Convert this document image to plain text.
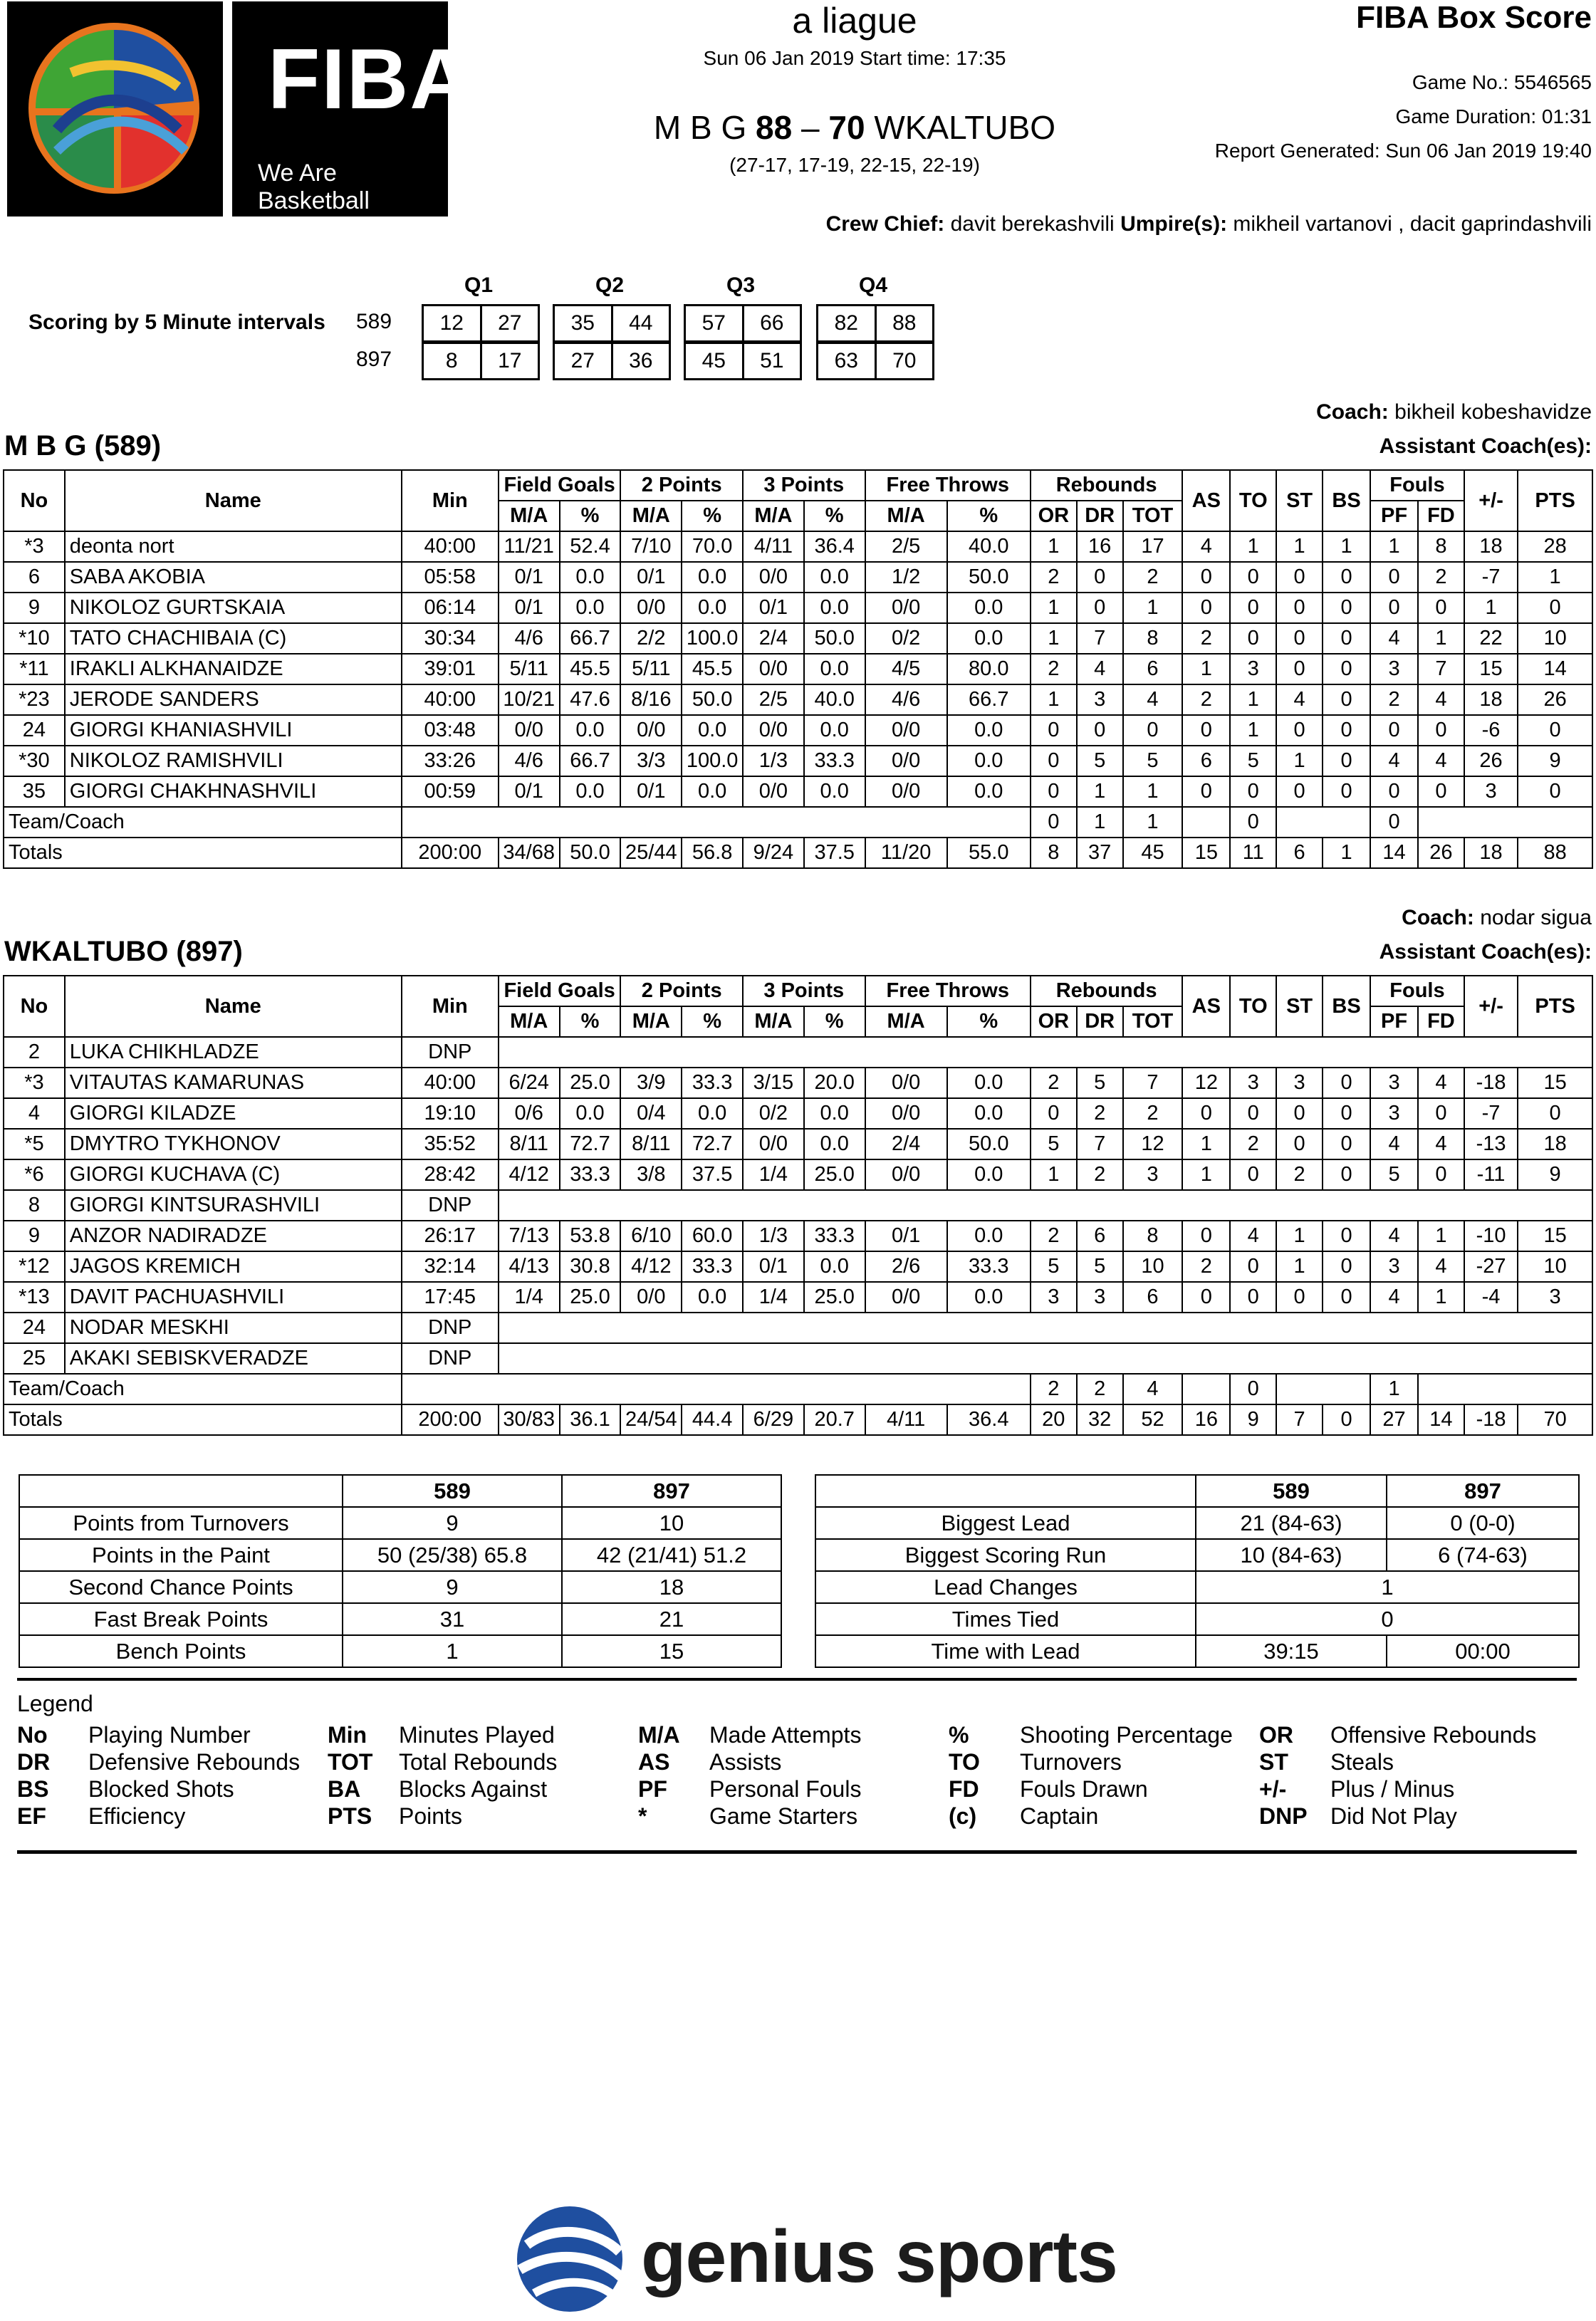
FIBA
We Are Basketball
a liague
Sun 06 Jan 2019 Start time: 17:35
M B G 88 – 70 WKALTUBO
(27-17, 17-19, 22-15, 22-19)
FIBA Box Score
Game No.: 5546565
Game Duration: 01:31
Report Generated: Sun 06 Jan 2019 19:40
Crew Chief: davit berekashvili Umpire(s): mikheil vartanovi , dacit gaprindashvili
Scoring by 5 Minute intervals
Q1	Q2	Q3	Q4
589	12	27	35	44	57	66	82	88
897	8	17	27	36	45	51	63	70
Coach: bikheil kobeshavidze
M B G (589)	Assistant Coach(es):
No	Name	Min	Field Goals		2 Points		3 Points		Free Throws		Rebounds			AS	TO	ST	BS	Fouls		+/-	PTS
			M/A	%	M/A	%	M/A	%	M/A	%	OR	DR	TOT					PF	FD		
*3	deonta nort	40:00	11/21	52.4	7/10	70.0	4/11	36.4	2/5	40.0	1	16	17	4	1	1	1	1	8	18	28
6	SABA AKOBIA	05:58	0/1	0.0	0/1	0.0	0/0	0.0	1/2	50.0	2	0	2	0	0	0	0	0	2	-7	1
9	NIKOLOZ GURTSKAIA	06:14	0/1	0.0	0/0	0.0	0/1	0.0	0/0	0.0	1	0	1	0	0	0	0	0	0	1	0
*10	TATO CHACHIBAIA (C)	30:34	4/6	66.7	2/2	100.0	2/4	50.0	0/2	0.0	1	7	8	2	0	0	0	4	1	22	10
*11	IRAKLI ALKHANAIDZE	39:01	5/11	45.5	5/11	45.5	0/0	0.0	4/5	80.0	2	4	6	1	3	0	0	3	7	15	14
*23	JERODE SANDERS	40:00	10/21	47.6	8/16	50.0	2/5	40.0	4/6	66.7	1	3	4	2	1	4	0	2	4	18	26
24	GIORGI KHANIASHVILI	03:48	0/0	0.0	0/0	0.0	0/0	0.0	0/0	0.0	0	0	0	0	1	0	0	0	0	-6	0
*30	NIKOLOZ RAMISHVILI	33:26	4/6	66.7	3/3	100.0	1/3	33.3	0/0	0.0	0	5	5	6	5	1	0	4	4	26	9
35	GIORGI CHAKHNASHVILI	00:59	0/1	0.0	0/1	0.0	0/0	0.0	0/0	0.0	0	1	1	0	0	0	0	0	0	3	0
Team/Coach											0	1	1		0			0			
Totals		200:00	34/68	50.0	25/44	56.8	9/24	37.5	11/20	55.0	8	37	45	15	11	6	1	14	26	18	88
Coach: nodar sigua
WKALTUBO (897)	Assistant Coach(es):
No	Name	Min	Field Goals		2 Points		3 Points		Free Throws		Rebounds			AS	TO	ST	BS	Fouls		+/-	PTS
			M/A	%	M/A	%	M/A	%	M/A	%	OR	DR	TOT					PF	FD		
2	LUKA CHIKHLADZE	DNP																			
*3	VITAUTAS KAMARUNAS	40:00	6/24	25.0	3/9	33.3	3/15	20.0	0/0	0.0	2	5	7	12	3	3	0	3	4	-18	15
4	GIORGI KILADZE	19:10	0/6	0.0	0/4	0.0	0/2	0.0	0/0	0.0	0	2	2	0	0	0	0	3	0	-7	0
*5	DMYTRO TYKHONOV	35:52	8/11	72.7	8/11	72.7	0/0	0.0	2/4	50.0	5	7	12	1	2	0	0	4	4	-13	18
*6	GIORGI KUCHAVA (C)	28:42	4/12	33.3	3/8	37.5	1/4	25.0	0/0	0.0	1	2	3	1	0	2	0	5	0	-11	9
8	GIORGI KINTSURASHVILI	DNP																			
9	ANZOR NADIRADZE	26:17	7/13	53.8	6/10	60.0	1/3	33.3	0/1	0.0	2	6	8	0	4	1	0	4	1	-10	15
*12	JAGOS KREMICH	32:14	4/13	30.8	4/12	33.3	0/1	0.0	2/6	33.3	5	5	10	2	0	1	0	3	4	-27	10
*13	DAVIT PACHUASHVILI	17:45	1/4	25.0	0/0	0.0	1/4	25.0	0/0	0.0	3	3	6	0	0	0	0	4	1	-4	3
24	NODAR MESKHI	DNP																			
25	AKAKI SEBISKVERADZE	DNP																			
Team/Coach											2	2	4		0			1			
Totals		200:00	30/83	36.1	24/54	44.4	6/29	20.7	4/11	36.4	20	32	52	16	9	7	0	27	14	-18	70
	589	897
Points from Turnovers	9	10
Points in the Paint	50 (25/38) 65.8	42 (21/41) 51.2
Second Chance Points	9	18
Fast Break Points	31	21
Bench Points	1	15
	589	897
Biggest Lead	21 (84-63)	0 (0-0)
Biggest Scoring Run	10 (84-63)	6 (74-63)
Lead Changes	1	
Times Tied	0	
Time with Lead	39:15	00:00
Legend
No Playing Number
DR Defensive Rebounds
BS Blocked Shots
EF Efficiency
Min Minutes Played
TOT Total Rebounds
BA Blocks Against
PTS Points
M/A Made Attempts
AS Assists
PF Personal Fouls
*	Game Starters
% Shooting Percentage
TO Turnovers
FD Fouls Drawn
(c) Captain
OR Offensive Rebounds
ST Steals
+/- Plus / Minus
DNP Did Not Play
genius sports
